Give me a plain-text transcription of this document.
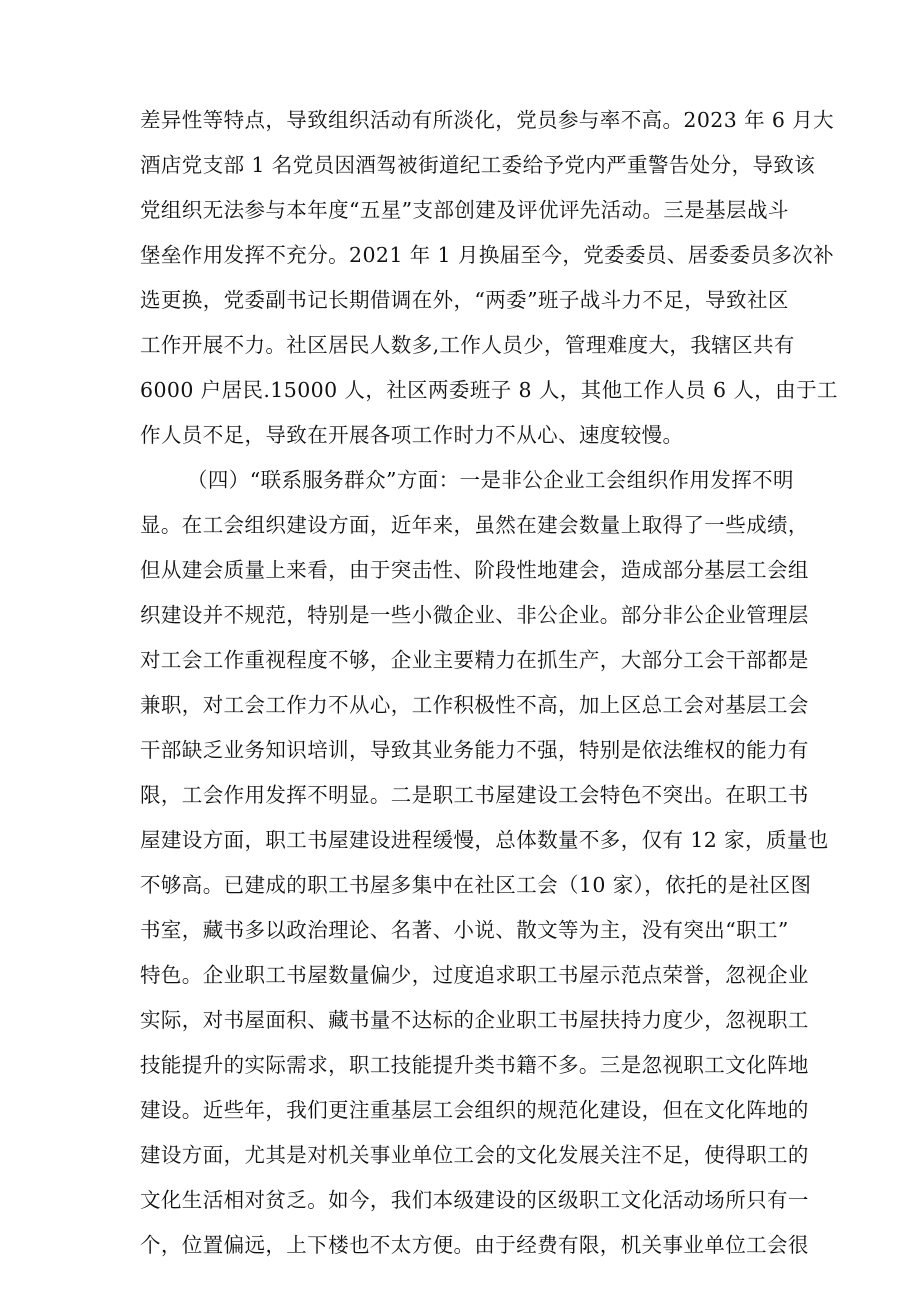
差异性等特点，导致组织活动有所淡化，党员参与率不高。2023 年 6 月大
酒店党支部 1 名党员因酒驾被街道纪工委给予党内严重警告处分，导致该
党组织无法参与本年度“五星”支部创建及评优评先活动。三是基层战斗
堡垒作用发挥不充分。2021 年 1 月换届至今，党委委员、居委委员多次补
选更换，党委副书记长期借调在外，“两委”班子战斗力不足，导致社区
工作开展不力。社区居民人数多,工作人员少，管理难度大，我辖区共有
6000 户居民.15000 人，社区两委班子 8 人，其他工作人员 6 人，由于工
作人员不足，导致在开展各项工作时力不从心、速度较慢。
（四）“联系服务群众”方面：一是非公企业工会组织作用发挥不明
显。在工会组织建设方面，近年来，虽然在建会数量上取得了一些成绩，
但从建会质量上来看，由于突击性、阶段性地建会，造成部分基层工会组
织建设并不规范，特别是一些小微企业、非公企业。部分非公企业管理层
对工会工作重视程度不够，企业主要精力在抓生产，大部分工会干部都是
兼职，对工会工作力不从心，工作积极性不高，加上区总工会对基层工会
干部缺乏业务知识培训，导致其业务能力不强，特别是依法维权的能力有
限，工会作用发挥不明显。二是职工书屋建设工会特色不突出。在职工书
屋建设方面，职工书屋建设进程缓慢，总体数量不多，仅有 12 家，质量也
不够高。已建成的职工书屋多集中在社区工会（10 家），依托的是社区图
书室，藏书多以政治理论、名著、小说、散文等为主，没有突出“职工”
特色。企业职工书屋数量偏少，过度追求职工书屋示范点荣誉，忽视企业
实际，对书屋面积、藏书量不达标的企业职工书屋扶持力度少，忽视职工
技能提升的实际需求，职工技能提升类书籍不多。三是忽视职工文化阵地
建设。近些年，我们更注重基层工会组织的规范化建设，但在文化阵地的
建设方面，尤其是对机关事业单位工会的文化发展关注不足，使得职工的
文化生活相对贫乏。如今，我们本级建设的区级职工文化活动场所只有一
个，位置偏远，上下楼也不太方便。由于经费有限，机关事业单位工会很
